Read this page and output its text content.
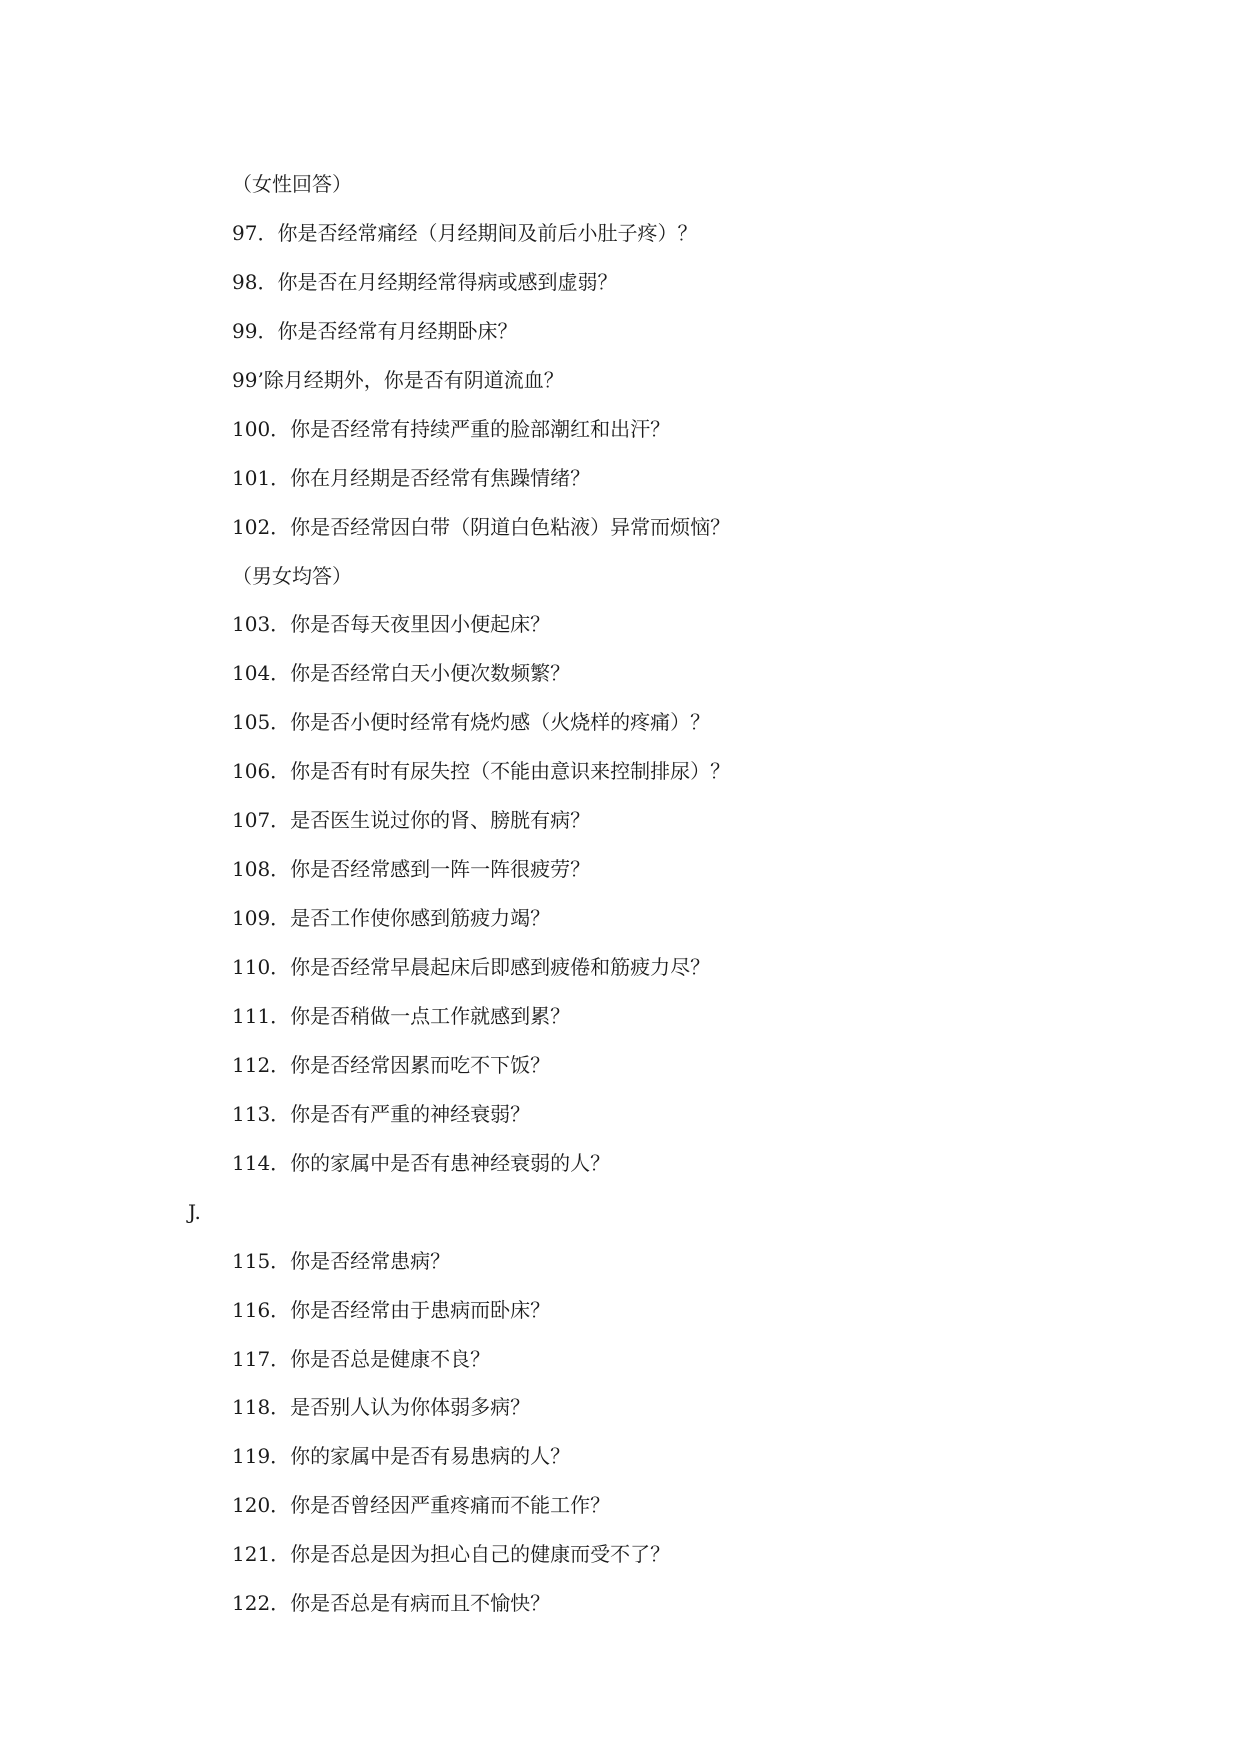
（女性回答）
97．你是否经常痛经（月经期间及前后小肚子疼）？
98．你是否在月经期经常得病或感到虚弱？
99．你是否经常有月经期卧床？
99’除月经期外，你是否有阴道流血？
100．你是否经常有持续严重的脸部潮红和出汗？
101．你在月经期是否经常有焦躁情绪？
102．你是否经常因白带（阴道白色粘液）异常而烦恼？
（男女均答）
103．你是否每天夜里因小便起床？
104．你是否经常白天小便次数频繁？
105．你是否小便时经常有烧灼感（火烧样的疼痛）？
106．你是否有时有尿失控（不能由意识来控制排尿）？
107．是否医生说过你的肾、膀胱有病？
108．你是否经常感到一阵一阵很疲劳？
109．是否工作使你感到筋疲力竭？
110．你是否经常早晨起床后即感到疲倦和筋疲力尽？
111．你是否稍做一点工作就感到累？
112．你是否经常因累而吃不下饭？
113．你是否有严重的神经衰弱？
114．你的家属中是否有患神经衰弱的人？
J.
115．你是否经常患病？
116．你是否经常由于患病而卧床？
117．你是否总是健康不良？
118．是否别人认为你体弱多病？
119．你的家属中是否有易患病的人？
120．你是否曾经因严重疼痛而不能工作？
121．你是否总是因为担心自己的健康而受不了？
122．你是否总是有病而且不愉快？
